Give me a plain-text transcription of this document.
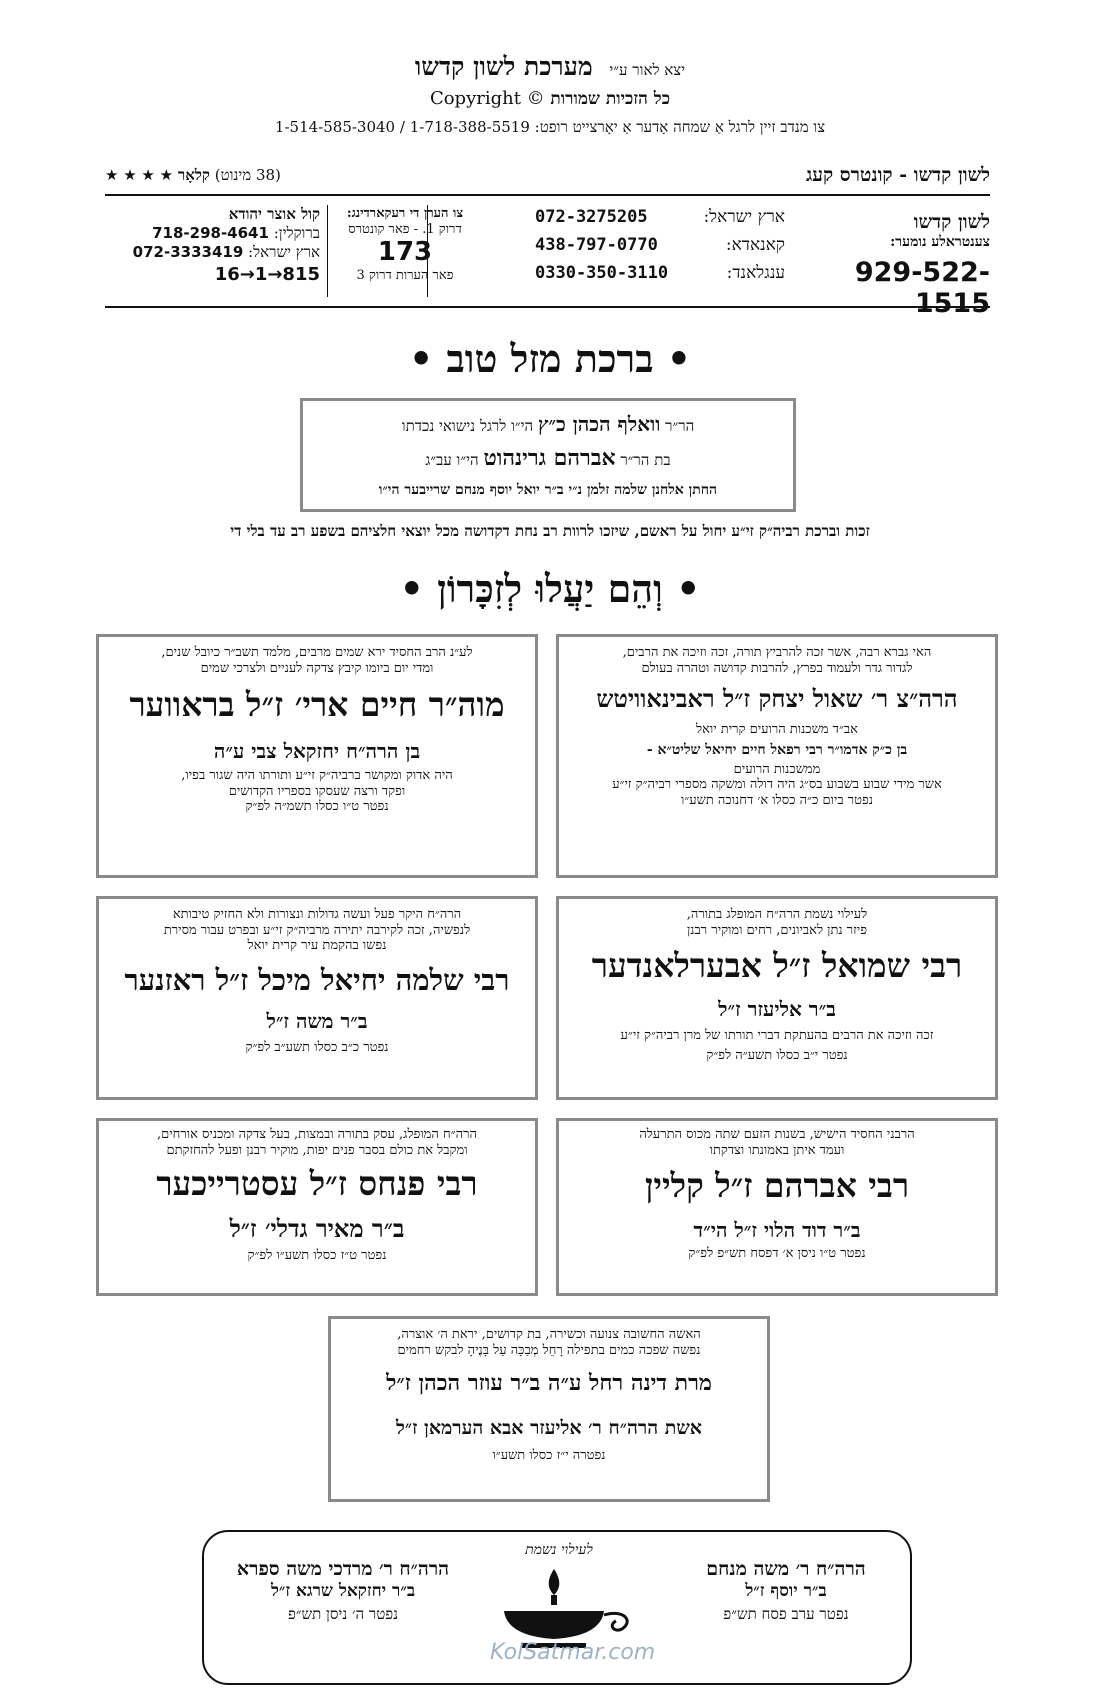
יצא לאור ע״י מערכת לשון קדשו
Copyright © כל הזכיות שמורות
צו מנדב זיין לרגל אַ שמחה אָדער אַ יאָרצייט רופט: 1-718-388-5519 / 1-514-585-3040
לשון קדשו - קונטרס קעג
(38 מינוט) קלאָר ★ ★ ★ ★
לשון קדשו
צענטראלע נומער:
929-522-1515
ארץ ישראל:
072-3275205
קאנאדא:
438-797-0770
ענגלאנד:
0330-350-3110
צו הערן די רעקארדינג:
דרוק 1. - פאר קונטרס
173
פאר הערות דרוק 3
קול אוצר יהודא
ברוקלין: 718-298-4641
ארץ ישראל: 072-3333419
16→1→815
• ברכת מזל טוב •
הר״ר וואלף הכהן כ״ץ הי״ו לרגל נישואי נכדתו
בת הר״ר אברהם גרינהוט הי״ו עב״ג
החתן אלחנן שלמה זלמן נ״י ב״ר יואל יוסף מנחם שרייבער הי״ו
זכות וברכת רביה״ק זי״ע יחול על ראשם, שיזכו לרוות רב נחת דקדושה מכל יוצאי חלציהם בשפע רב עד בלי די
• וְהֵם יַעֲלוּ לְזִכָּרוֹן •
האי גברא רבה, אשר זכה להרביץ תורה, זכה וזיכה את הרבים,
לגדור גדר ולעמוד בפרץ, להרבות קדושה וטהרה בעולם
הרה״צ ר׳ שאול יצחק ז״ל ראבינאוויטש
אב״ד משכנות הרועים קרית יואל
בן כ״ק אדמו״ר רבי רפאל חיים יחיאל שליט״א -
ממשכנות הרועים
אשר מידי שבוע בשבוע בס״ג היה דולה ומשקה מספרי רביה״ק זי״ע
נפטר ביום כ״ה כסלו א׳ דחנוכה תשע״ו
לע״נ הרב החסיד ירא שמים מרבים, מלמד תשב״ר כיובל שנים,
ומדי יום ביומו קיבץ צדקה לעניים ולצרכי שמים
מוה״ר חיים ארי׳ ז״ל בראווער
בן הרה״ח יחזקאל צבי ע״ה
היה אדוק ומקושר ברביה״ק זי״ע ותורתו היה שגור בפיו,
ופקד ורצה שעסקו בספריו הקדושים
נפטר ט״ו כסלו תשמ״ה לפ״ק
לעילוי נשמת הרה״ח המופלג בתורה,
פיזר נתן לאביונים, רחים ומוקיר רבנן
רבי שמואל ז״ל אבערלאנדער
ב״ר אליעזר ז״ל
זכה וזיכה את הרבים בהעתקת דברי תורתו של מרן רביה״ק זי״ע
נפטר י״ב כסלו תשע״ה לפ״ק
הרה״ח היקר פעל ועשה גדולות ונצורות ולא החזיק טיבותא
לנפשיה, זכה לקירבה יתירה מרביה״ק זי״ע ובפרט עבור מסירת
נפשו בהקמת עיר קרית יואל
רבי שלמה יחיאל מיכל ז״ל ראזנער
ב״ר משה ז״ל
נפטר כ״ב כסלו תשע״ב לפ״ק
הרבני החסיד הישיש, בשנות הזעם שתה מכוס התרעלה
ועמד איתן באמונתו וצדקתו
רבי אברהם ז״ל קליין
ב״ר דוד הלוי ז״ל הי״ד
נפטר ט״ו ניסן א׳ דפסח תש״פ לפ״ק
הרה״ח המופלג, עסק בתורה ובמצות, בעל צדקה ומכניס אורחים,
ומקבל את כולם בסבר פנים יפות, מוקיר רבנן ופעל להחזקתם
רבי פנחס ז״ל עסטרייכער
ב״ר מאיר גדלי׳ ז״ל
נפטר ט״ז כסלו תשע״ו לפ״ק
האשה החשובה צנועה וכשירה, בת קדושים, יראת ה׳ אוצרה,
נפשה שפכה כמים בתפילה רָחֵל מְבַכָּה עַל בָּנֶיהָ לבקש רחמים
מרת דינה רחל ע״ה ב״ר עוזר הכהן ז״ל
אשת הרה״ח ר׳ אליעזר אבא הערמאן ז״ל
נפטרה י״ז כסלו תשע״ו
הרה״ח ר׳ משה מנחם
ב״ר יוסף ז״ל
נפטר ערב פסח תש״פ
לעילוי נשמת
הרה״ח ר׳ מרדכי משה ספרא
ב״ר יחזקאל שרגא ז״ל
נפטר ה׳ ניסן תש״פ
KolSatmar.com
